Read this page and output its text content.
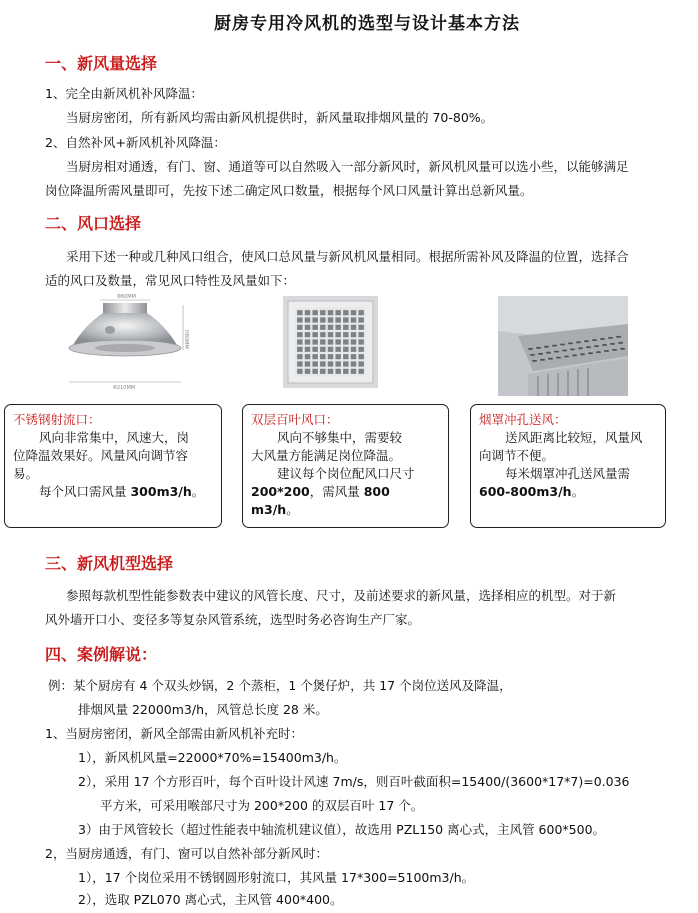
厨房专用冷风机的选型与设计基本方法
一、新风量选择
1、完全由新风机补风降温：
当厨房密闭，所有新风均需由新风机提供时，新风量取排烟风量的 70-80%。
2、自然补风+新风机补风降温：
当厨房相对通透，有门、窗、通道等可以自然吸入一部分新风时，新风机风量可以选小些，以能够满足
岗位降温所需风量即可，先按下述二确定风口数量，根据每个风口风量计算出总新风量。
二、风口选择
采用下述一种或几种风口组合，使风口总风量与新风机风量相同。根据所需补风及降温的位置，选择合
适的风口及数量，常见风口特性及风量如下：
Φ80MM
H80MM
Φ210MM
不锈钢射流口：
风向非常集中，风速大，岗
位降温效果好。风量风向调节容
易。
每个风口需风量 300m3/h。
双层百叶风口：
风向不够集中，需要较
大风量方能满足岗位降温。
建议每个岗位配风口尺寸
200*200，需风量 800 m3/h。
烟罩冲孔送风：
送风距离比较短，风量风
向调节不便。
每米烟罩冲孔送风量需
600-800m3/h。
三、新风机型选择
参照每款机型性能参数表中建议的风管长度、尺寸，及前述要求的新风量，选择相应的机型。对于新
风外墙开口小、变径多等复杂风管系统，选型时务必咨询生产厂家。
四、案例解说：
例：某个厨房有 4 个双头炒锅，2 个蒸柜，1 个煲仔炉，共 17 个岗位送风及降温，
排烟风量 22000m3/h，风管总长度 28 米。
1、当厨房密闭，新风全部需由新风机补充时：
1），新风机风量=22000*70%=15400m3/h。
2），采用 17 个方形百叶，每个百叶设计风速 7m/s，则百叶截面积=15400/(3600*17*7)=0.036
平方米，可采用喉部尺寸为 200*200 的双层百叶 17 个。
3）由于风管较长（超过性能表中轴流机建议值），故选用 PZL150 离心式，主风管 600*500。
2，当厨房通透，有门、窗可以自然补部分新风时：
1），17 个岗位采用不锈钢圆形射流口，其风量 17*300=5100m3/h。
2），选取 PZL070 离心式，主风管 400*400。
